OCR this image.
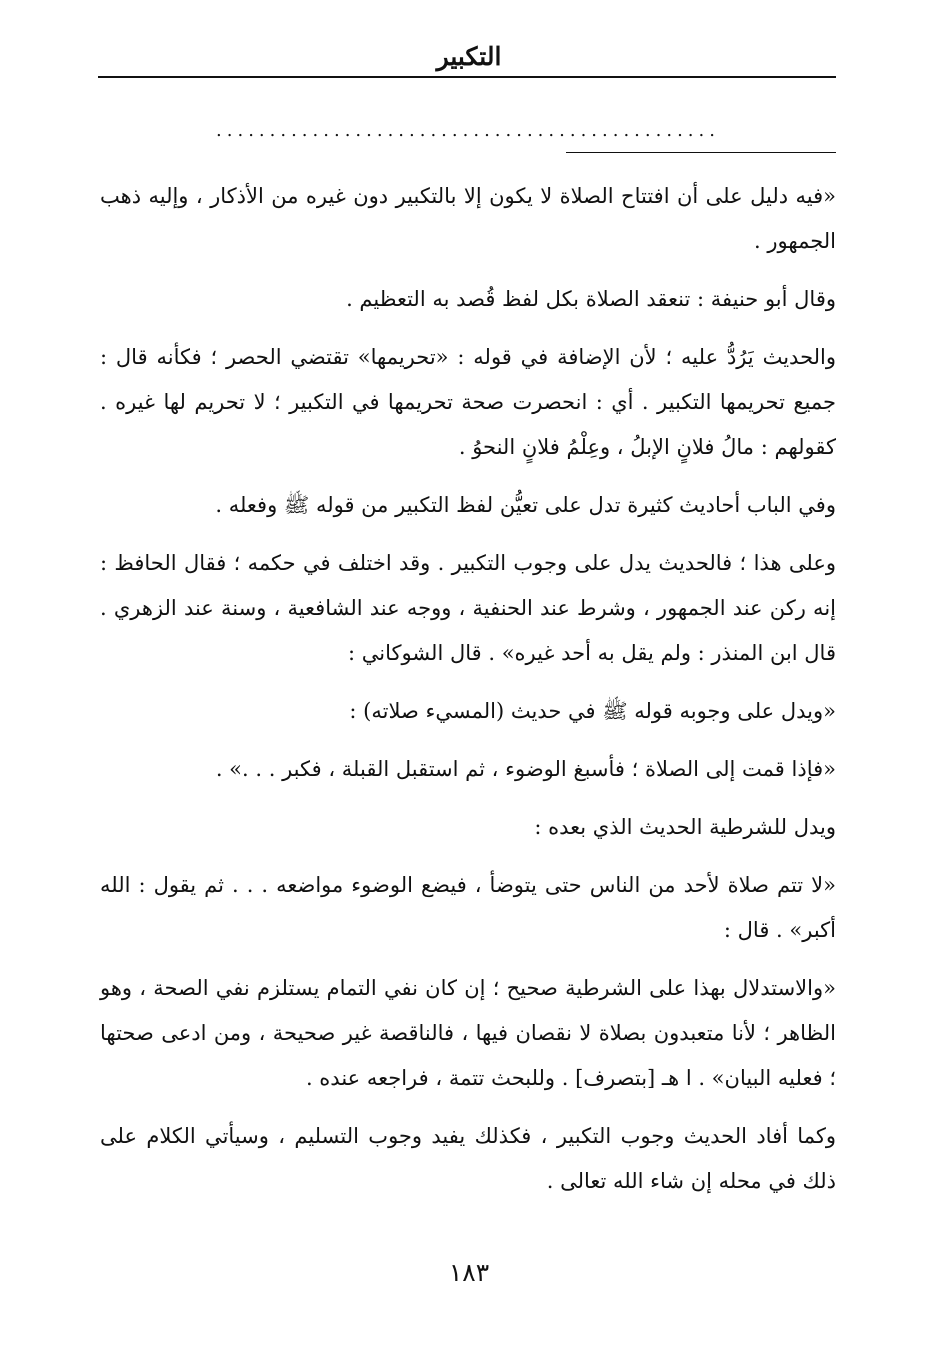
التكبير
...............................................

«فيه دليل على أن افتتاح الصلاة لا يكون إلا بالتكبير دون غيره من الأذكار ، وإليه ذهب الجمهور .

وقال أبو حنيفة : تنعقد الصلاة بكل لفظ قُصد به التعظيم .

والحديث يَرُدُّ عليه ؛ لأن الإضافة في قوله : «تحريمها» تقتضي الحصر ؛ فكأنه قال : جميع تحريمها التكبير . أي : انحصرت صحة تحريمها في التكبير ؛ لا تحريم لها غيره . كقولهم : مالُ فلانٍ الإبلُ ، وعِلْمُ فلانٍ النحوُ .

وفي الباب أحاديث كثيرة تدل على تعيُّن لفظ التكبير من قوله ﷺ وفعله .

وعلى هذا ؛ فالحديث يدل على وجوب التكبير . وقد اختلف في حكمه ؛ فقال الحافظ : إنه ركن عند الجمهور ، وشرط عند الحنفية ، ووجه عند الشافعية ، وسنة عند الزهري . قال ابن المنذر : ولم يقل به أحد غيره» . قال الشوكاني :

«ويدل على وجوبه قوله ﷺ في حديث (المسيء صلاته) :

«فإذا قمت إلى الصلاة ؛ فأسبغ الوضوء ، ثم استقبل القبلة ، فكبر . . .» .

ويدل للشرطية الحديث الذي بعده :

«لا تتم صلاة لأحد من الناس حتى يتوضأ ، فيضع الوضوء مواضعه . . . ثم يقول : الله أكبر» . قال :

«والاستدلال بهذا على الشرطية صحيح ؛ إن كان نفي التمام يستلزم نفي الصحة ، وهو الظاهر ؛ لأنا متعبدون بصلاة لا نقصان فيها ، فالناقصة غير صحيحة ، ومن ادعى صحتها ؛ فعليه البيان» . ا هـ [بتصرف] . وللبحث تتمة ، فراجعه عنده .

وكما أفاد الحديث وجوب التكبير ، فكذلك يفيد وجوب التسليم ، وسيأتي الكلام على ذلك في محله إن شاء الله تعالى .

١٨٣
